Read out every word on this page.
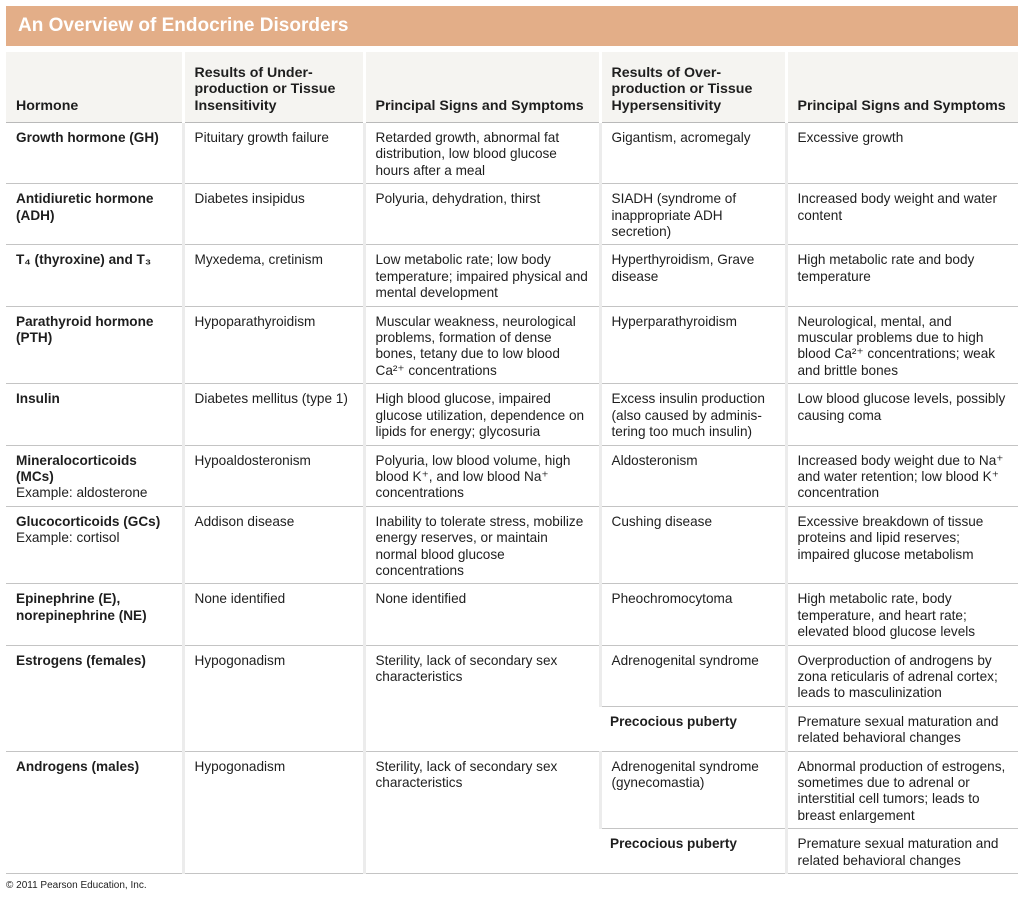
An Overview of Endocrine Disorders
Hormone	Results of Under-production or Tissue Insensitivity	Principal Signs and Symptoms	Results of Over-production or Tissue Hypersensitivity	Principal Signs and Symptoms
Growth hormone (GH)	Pituitary growth failure	Retarded growth, abnormal fat distribution, low blood glucose hours after a meal	Gigantism, acromegaly	Excessive growth
Antidiuretic hormone (ADH)	Diabetes insipidus	Polyuria, dehydration, thirst	SIADH (syndrome of inappropriate ADH secretion)	Increased body weight and water content
T₄ (thyroxine) and T₃	Myxedema, cretinism	Low metabolic rate; low body temperature; impaired physical and mental development	Hyperthyroidism, Grave disease	High metabolic rate and body temperature
Parathyroid hormone (PTH)	Hypoparathyroidism	Muscular weakness, neurological problems, formation of dense bones, tetany due to low blood Ca²⁺ concentrations	Hyperparathyroidism	Neurological, mental, and muscular problems due to high blood Ca²⁺ concentrations; weak and brittle bones
Insulin	Diabetes mellitus (type 1)	High blood glucose, impaired glucose utilization, dependence on lipids for energy; glycosuria	Excess insulin production (also caused by adminis-tering too much insulin)	Low blood glucose levels, possibly causing coma
Mineralocorticoids (MCs)
Example: aldosterone	Hypoaldosteronism	Polyuria, low blood volume, high blood K⁺, and low blood Na⁺ concentrations	Aldosteronism	Increased body weight due to Na⁺ and water retention; low blood K⁺ concentration
Glucocorticoids (GCs)
Example: cortisol	Addison disease	Inability to tolerate stress, mobilize energy reserves, or maintain normal blood glucose concentrations	Cushing disease	Excessive breakdown of tissue proteins and lipid reserves; impaired glucose metabolism
Epinephrine (E), norepinephrine (NE)	None identified	None identified	Pheochromocytoma	High metabolic rate, body temperature, and heart rate; elevated blood glucose levels
Estrogens (females)	Hypogonadism	Sterility, lack of secondary sex characteristics	Adrenogenital syndrome	Overproduction of androgens by zona reticularis of adrenal cortex; leads to masculinization
			Precocious puberty	Premature sexual maturation and related behavioral changes
Androgens (males)	Hypogonadism	Sterility, lack of secondary sex characteristics	Adrenogenital syndrome (gynecomastia)	Abnormal production of estrogens, sometimes due to adrenal or interstitial cell tumors; leads to breast enlargement
			Precocious puberty	Premature sexual maturation and related behavioral changes
© 2011 Pearson Education, Inc.
